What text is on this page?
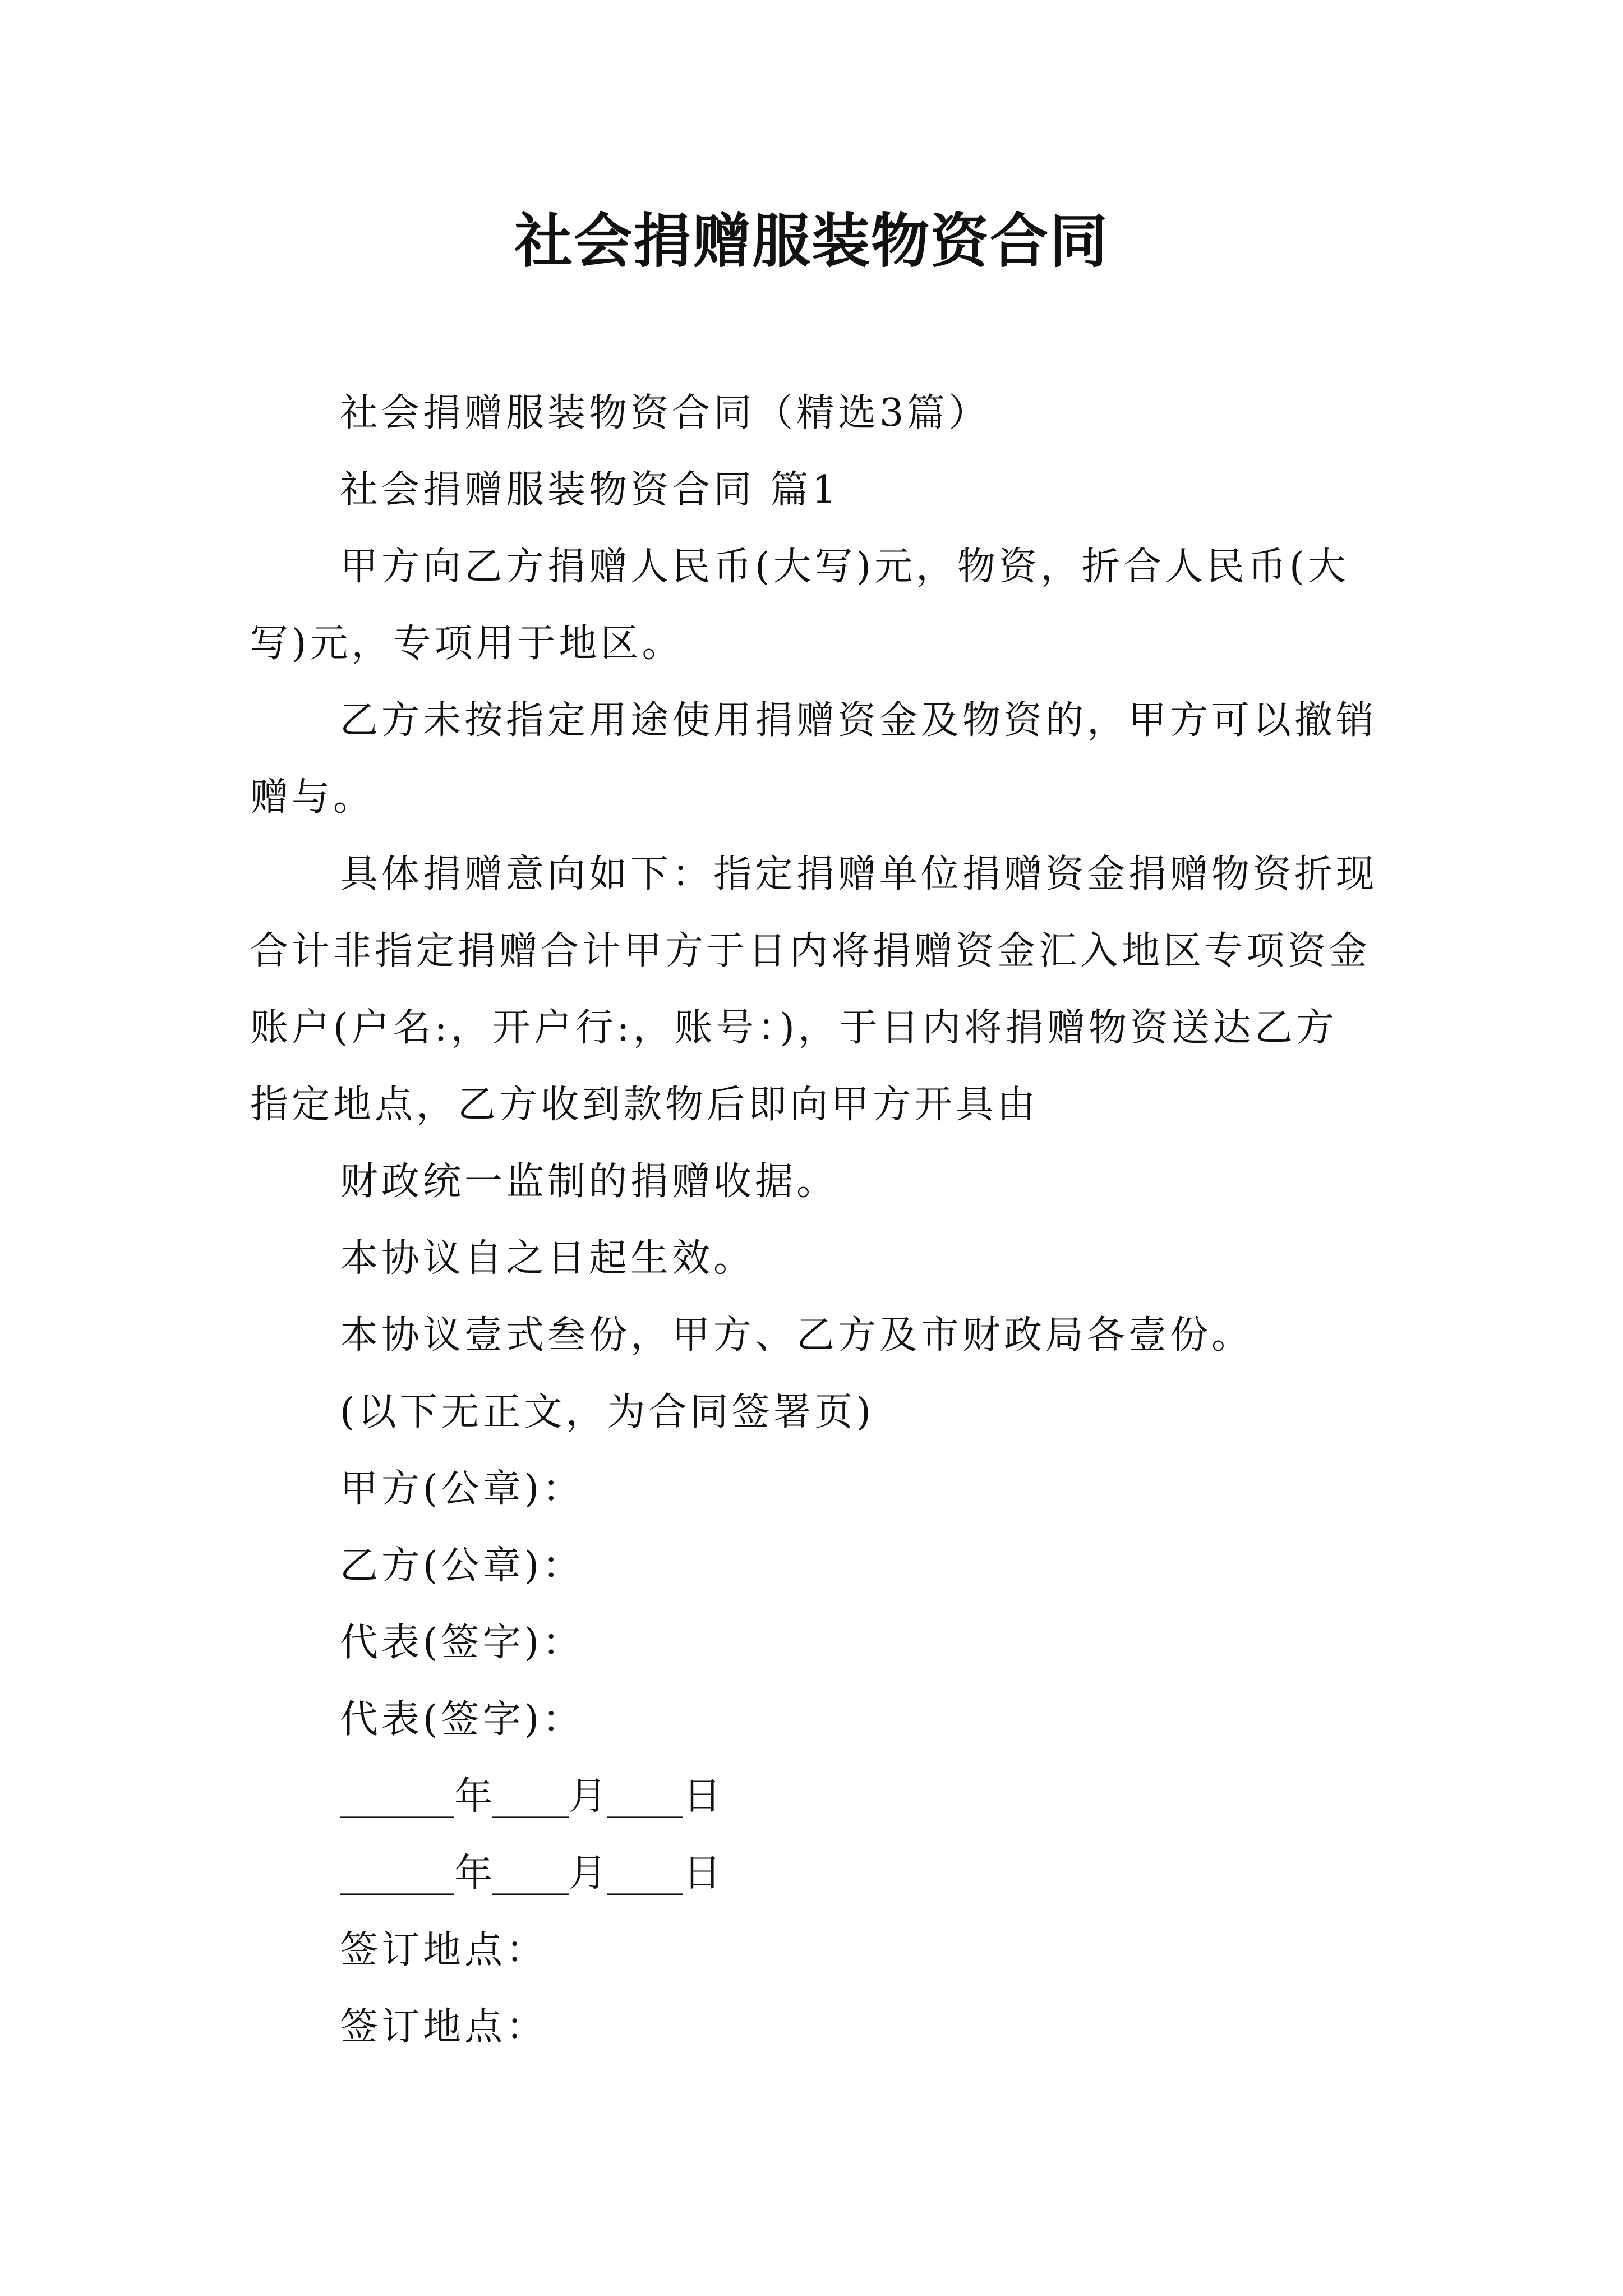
社会捐赠服装物资合同

社会捐赠服装物资合同（精选3篇）

社会捐赠服装物资合同 篇1

甲方向乙方捐赠人民币(大写)元，物资，折合人民币(大写)元，专项用于地区。

乙方未按指定用途使用捐赠资金及物资的，甲方可以撤销赠与。

具体捐赠意向如下：指定捐赠单位捐赠资金捐赠物资折现合计非指定捐赠合计甲方于日内将捐赠资金汇入地区专项资金账户(户名:，开户行:，账号：)，于日内将捐赠物资送达乙方指定地点，乙方收到款物后即向甲方开具由

财政统一监制的捐赠收据。

本协议自之日起生效。

本协议壹式叁份，甲方、乙方及市财政局各壹份。

(以下无正文，为合同签署页)

甲方(公章)：

乙方(公章)：

代表(签字)：

代表(签字)：

______年____月____日

______年____月____日

签订地点：

签订地点：
